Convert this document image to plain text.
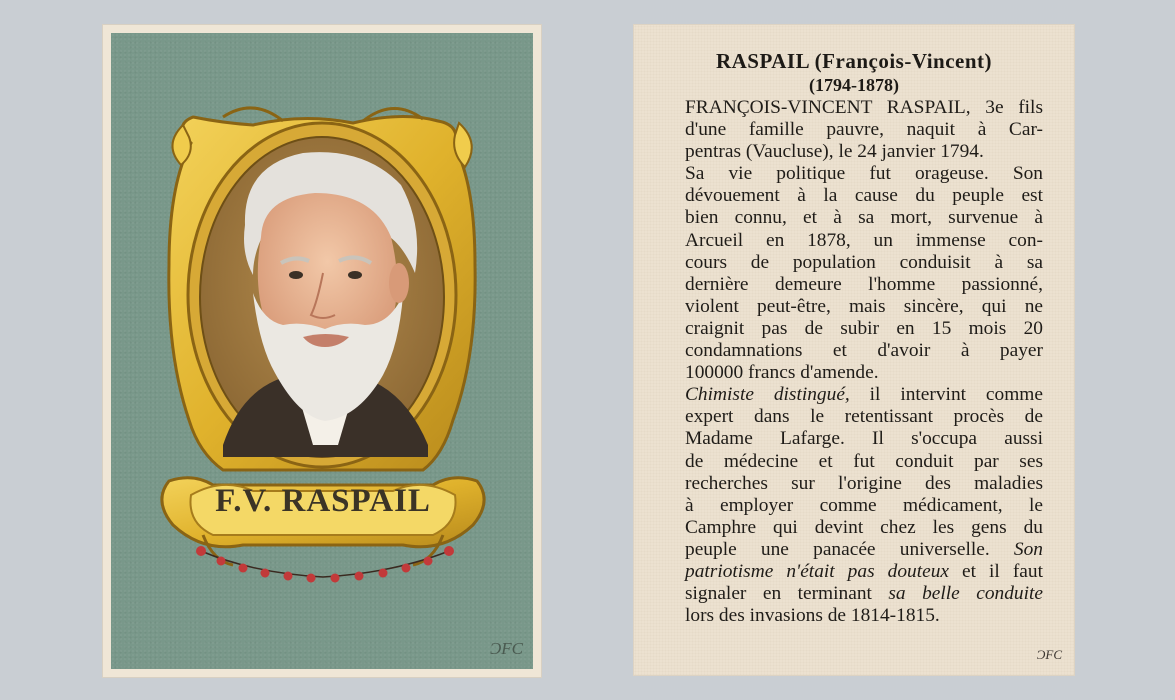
F.V. RASPAIL
ƆFC
RASPAIL (François-Vincent)
(1794-1878)

FRANÇOIS-VINCENT RASPAIL, 3e fils
d'une famille pauvre, naquit à Car-
pentras (Vaucluse), le 24 janvier 1794.

Sa vie politique fut orageuse. Son
dévouement à la cause du peuple est
bien connu, et à sa mort, survenue à
Arcueil en 1878, un immense con-
cours de population conduisit à sa
dernière demeure l'homme passionné,
violent peut-être, mais sincère, qui ne
craignit pas de subir en 15 mois 20
condamnations et d'avoir à payer
100000 francs d'amende.

Chimiste distingué, il intervint comme
expert dans le retentissant procès de
Madame Lafarge. Il s'occupa aussi
de médecine et fut conduit par ses
recherches sur l'origine des maladies
à employer comme médicament, le
Camphre qui devint chez les gens du
peuple une panacée universelle. Son
patriotisme n'était pas douteux et il faut
signaler en terminant sa belle conduite
lors des invasions de 1814-1815.

ƆFC
